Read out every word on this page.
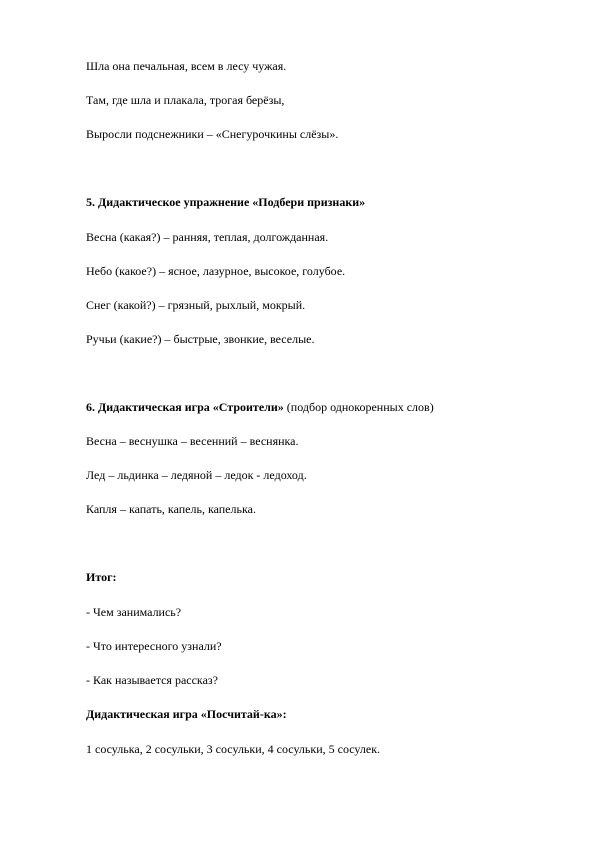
Шла она печальная, всем в лесу чужая.
Там, где шла и плакала, трогая берёзы,
Выросли подснежники – «Снегурочкины слёзы».
5. Дидактическое упражнение «Подбери признаки»
Весна (какая?) – ранняя, теплая, долгожданная.
Небо (какое?) – ясное, лазурное, высокое, голубое.
Снег (какой?) – грязный, рыхлый, мокрый.
Ручьи (какие?) – быстрые, звонкие, веселые.
6. Дидактическая игра «Строители» (подбор однокоренных слов)
Весна – веснушка – весенний – веснянка.
Лед – льдинка – ледяной – ледок - ледоход.
Капля – капать, капель, капелька.
Итог:
- Чем занимались?
- Что интересного узнали?
- Как называется рассказ?
Дидактическая игра «Посчитай-ка»:
1 сосулька, 2 сосульки, 3 сосульки, 4 сосульки, 5 сосулек.
